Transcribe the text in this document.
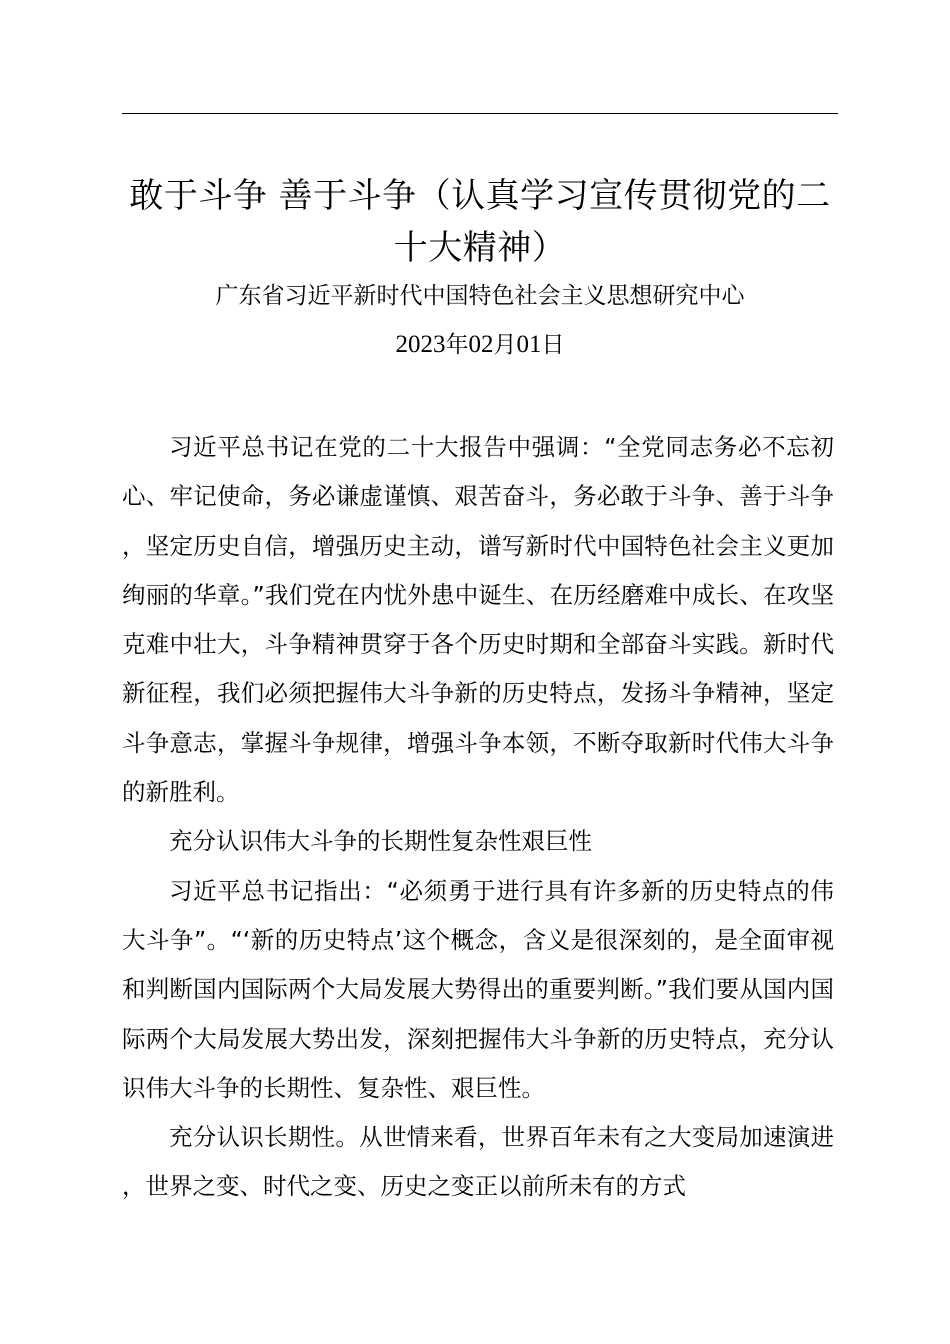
敢于斗争 善于斗争（认真学习宣传贯彻党的二十大精神）
广东省习近平新时代中国特色社会主义思想研究中心
2023年02月01日

习近平总书记在党的二十大报告中强调：“全党同志务必不忘初心、牢记使命，务必谦虚谨慎、艰苦奋斗，务必敢于斗争、善于斗争，坚定历史自信，增强历史主动，谱写新时代中国特色社会主义更加绚丽的华章。”我们党在内忧外患中诞生、在历经磨难中成长、在攻坚克难中壮大，斗争精神贯穿于各个历史时期和全部奋斗实践。新时代新征程，我们必须把握伟大斗争新的历史特点，发扬斗争精神，坚定斗争意志，掌握斗争规律，增强斗争本领，不断夺取新时代伟大斗争的新胜利。

充分认识伟大斗争的长期性复杂性艰巨性

习近平总书记指出：“必须勇于进行具有许多新的历史特点的伟大斗争”。“‘新的历史特点’这个概念，含义是很深刻的，是全面审视和判断国内国际两个大局发展大势得出的重要判断。”我们要从国内国际两个大局发展大势出发，深刻把握伟大斗争新的历史特点，充分认识伟大斗争的长期性、复杂性、艰巨性。

充分认识长期性。从世情来看，世界百年未有之大变局加速演进，世界之变、时代之变、历史之变正以前所未有的方式
